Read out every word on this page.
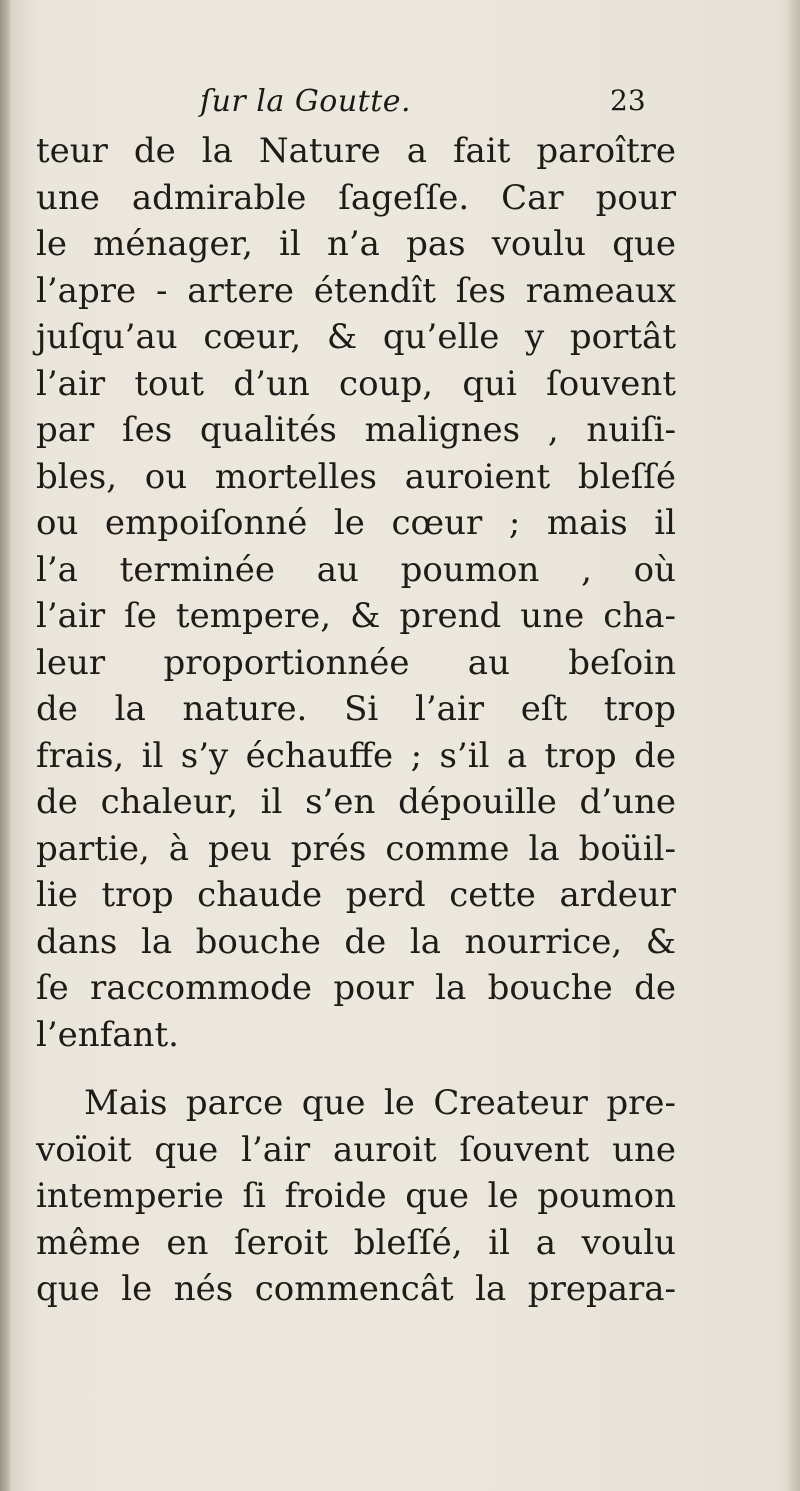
ſur la Goutte.	23
teur de la Nature a fait paroître
une admirable ſageſſe. Car pour
le ménager, il n’a pas voulu que
l’apre - artere étendît ſes rameaux
juſqu’au cœur, & qu’elle y portât
l’air tout d’un coup, qui ſouvent
par ſes qualités malignes , nuiſi-
bles, ou mortelles auroient bleſſé
ou empoiſonné le cœur ; mais il
l’a terminée au poumon , où
l’air ſe tempere, & prend une cha-
leur proportionnée au beſoin
de la nature. Si l’air eſt trop
frais, il s’y échauffe ; s’il a trop de
de chaleur, il s’en dépouille d’une
partie, à peu prés comme la boüil-
lie trop chaude perd cette ardeur
dans la bouche de la nourrice, &
ſe raccommode pour la bouche de
l’enfant.
Mais parce que le Createur pre-
voïoit que l’air auroit ſouvent une
intemperie ſi froide que le poumon
même en ſeroit bleſſé, il a voulu
que le nés commencât la prepara-
